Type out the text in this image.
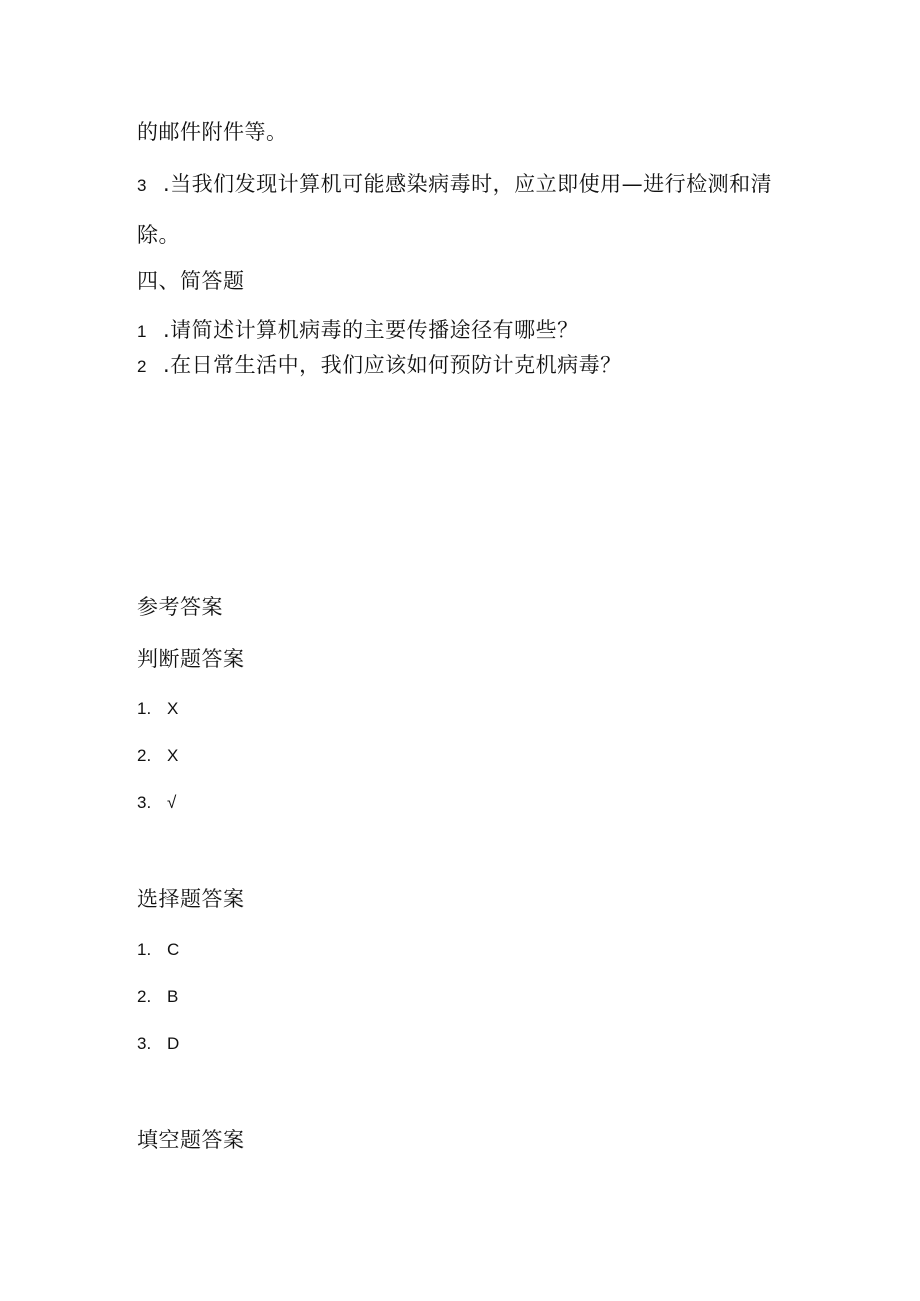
的邮件附件等。
3 .当我们发现计算机可能感染病毒时，应立即使用—进行检测和清
除。
四、简答题
1 .请简述计算机病毒的主要传播途径有哪些？
2 .在日常生活中，我们应该如何预防计克机病毒？
参考答案
判断题答案
1. X
2. X
3. √
选择题答案
1. C
2. B
3. D
填空题答案
